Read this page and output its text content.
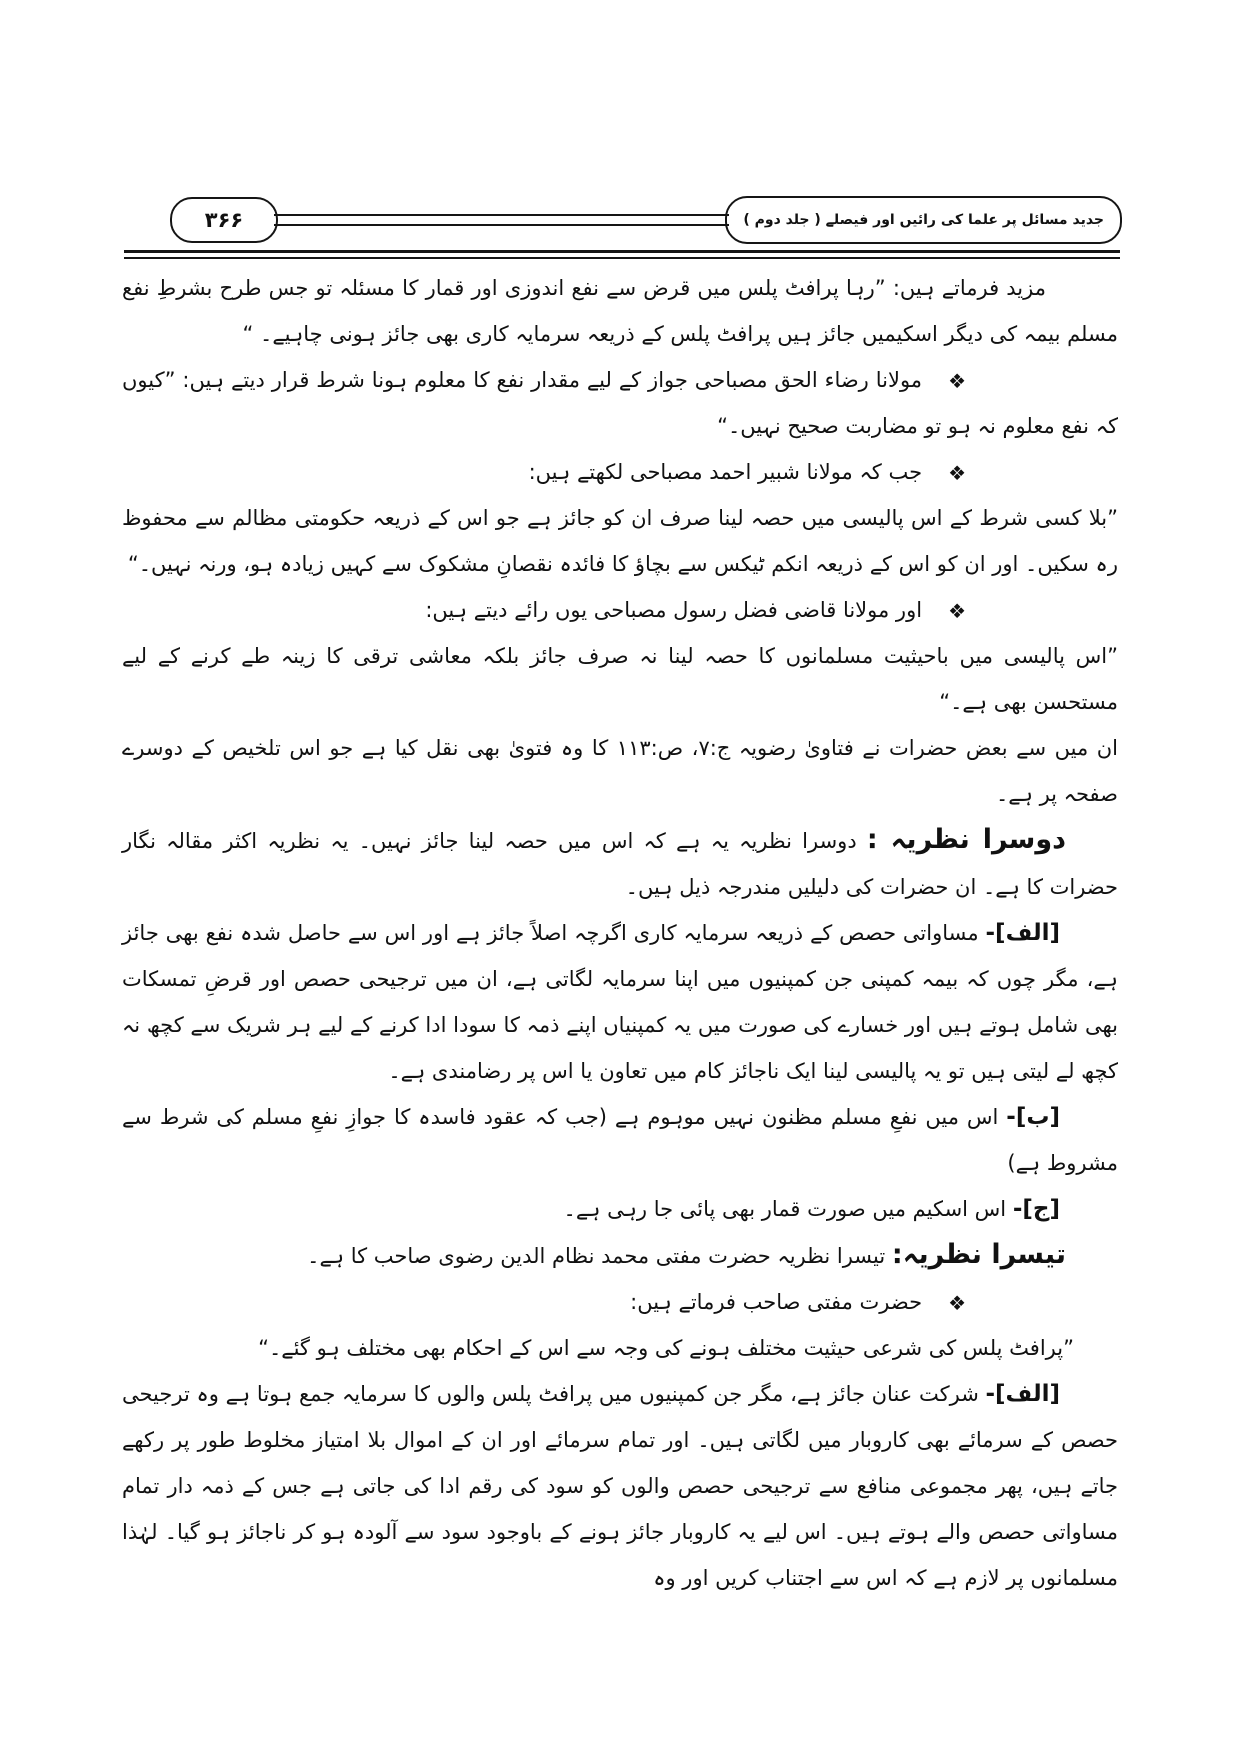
۳۶۶	جدید مسائل پر علما کی رائیں اور فیصلے ( جلد دوم )

مزید فرماتے ہیں: ”رہا پرافٹ پلس میں قرض سے نفع اندوزی اور قمار کا مسئلہ تو جس طرح بشرطِ نفع مسلم بیمہ کی دیگر اسکیمیں جائز ہیں پرافٹ پلس کے ذریعہ سرمایہ کاری بھی جائز ہونی چاہیے۔ “

❖مولانا رضاء الحق مصباحی جواز کے لیے مقدار نفع کا معلوم ہونا شرط قرار دیتے ہیں: ”کیوں کہ نفع معلوم نہ ہو تو مضاربت صحیح نہیں۔“

❖جب کہ مولانا شبیر احمد مصباحی لکھتے ہیں:

”بلا کسی شرط کے اس پالیسی میں حصہ لینا صرف ان کو جائز ہے جو اس کے ذریعہ حکومتی مظالم سے محفوظ رہ سکیں۔ اور ان کو اس کے ذریعہ انکم ٹیکس سے بچاؤ کا فائدہ نقصانِ مشکوک سے کہیں زیادہ ہو، ورنہ نہیں۔“

❖اور مولانا قاضی فضل رسول مصباحی یوں رائے دیتے ہیں:

”اس پالیسی میں باحیثیت مسلمانوں کا حصہ لینا نہ صرف جائز بلکہ معاشی ترقی کا زینہ طے کرنے کے لیے مستحسن بھی ہے۔“

ان میں سے بعض حضرات نے فتاویٰ رضویہ ج:۷، ص:۱۱۳ کا وہ فتویٰ بھی نقل کیا ہے جو اس تلخیص کے دوسرے صفحہ پر ہے۔

دوسرا نظریہ : دوسرا نظریہ یہ ہے کہ اس میں حصہ لینا جائز نہیں۔ یہ نظریہ اکثر مقالہ نگار حضرات کا ہے۔ ان حضرات کی دلیلیں مندرجہ ذیل ہیں۔

[الف]- مساواتی حصص کے ذریعہ سرمایہ کاری اگرچہ اصلاً جائز ہے اور اس سے حاصل شدہ نفع بھی جائز ہے، مگر چوں کہ بیمہ کمپنی جن کمپنیوں میں اپنا سرمایہ لگاتی ہے، ان میں ترجیحی حصص اور قرضِ تمسکات بھی شامل ہوتے ہیں اور خسارے کی صورت میں یہ کمپنیاں اپنے ذمہ کا سودا ادا کرنے کے لیے ہر شریک سے کچھ نہ کچھ لے لیتی ہیں تو یہ پالیسی لینا ایک ناجائز کام میں تعاون یا اس پر رضامندی ہے۔

[ب]- اس میں نفعِ مسلم مظنون نہیں موہوم ہے (جب کہ عقود فاسدہ کا جوازِ نفعِ مسلم کی شرط سے مشروط ہے)

[ج]- اس اسکیم میں صورت قمار بھی پائی جا رہی ہے۔

تیسرا نظریہ: تیسرا نظریہ حضرت مفتی محمد نظام الدین رضوی صاحب کا ہے۔

❖حضرت مفتی صاحب فرماتے ہیں:

”پرافٹ پلس کی شرعی حیثیت مختلف ہونے کی وجہ سے اس کے احکام بھی مختلف ہو گئے۔“

[الف]- شرکت عنان جائز ہے، مگر جن کمپنیوں میں پرافٹ پلس والوں کا سرمایہ جمع ہوتا ہے وہ ترجیحی حصص کے سرمائے بھی کاروبار میں لگاتی ہیں۔ اور تمام سرمائے اور ان کے اموال بلا امتیاز مخلوط طور پر رکھے جاتے ہیں، پھر مجموعی منافع سے ترجیحی حصص والوں کو سود کی رقم ادا کی جاتی ہے جس کے ذمہ دار تمام مساواتی حصص والے ہوتے ہیں۔ اس لیے یہ کاروبار جائز ہونے کے باوجود سود سے آلودہ ہو کر ناجائز ہو گیا۔ لہٰذا مسلمانوں پر لازم ہے کہ اس سے اجتناب کریں اور وہ
